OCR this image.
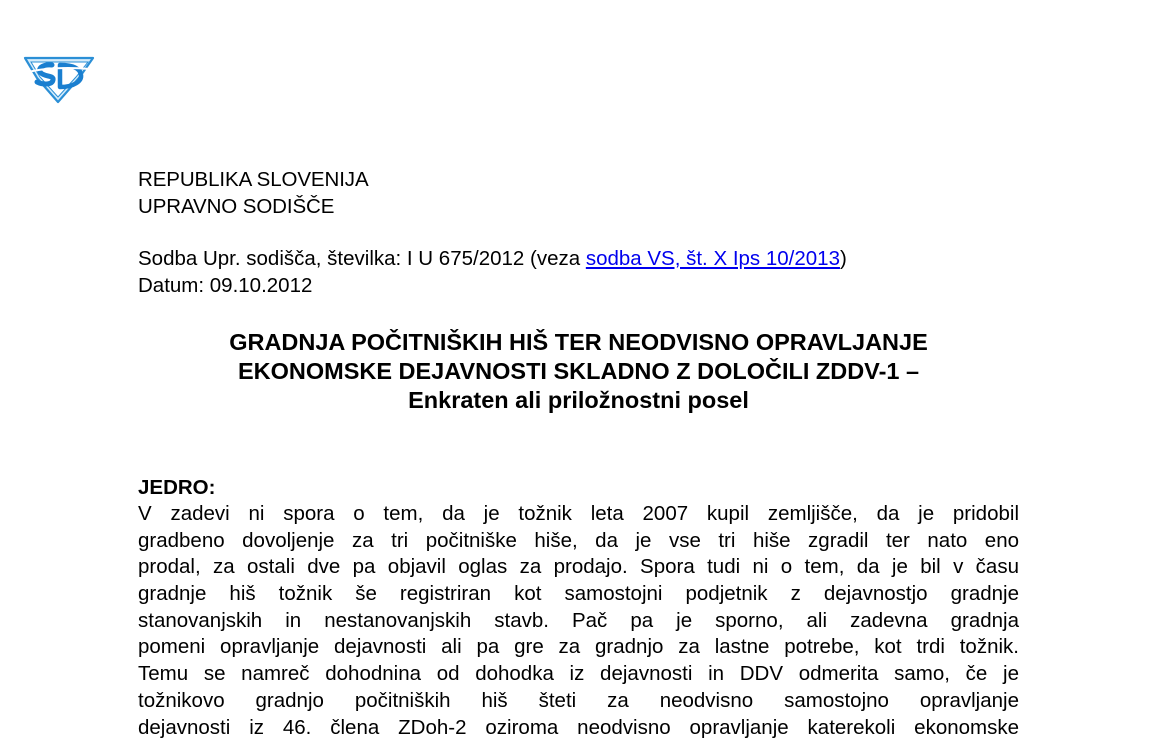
REPUBLIKA SLOVENIJA
UPRAVNO SODIŠČE
Sodba Upr. sodišča, številka: I U 675/2012 (veza sodba VS, št. X Ips 10/2013)
Datum: 09.10.2012
GRADNJA POČITNIŠKIH HIŠ TER NEODVISNO OPRAVLJANJE
EKONOMSKE DEJAVNOSTI SKLADNO Z DOLOČILI ZDDV-1 –
Enkraten ali priložnostni posel
JEDRO:
V zadevi ni spora o tem, da je tožnik leta 2007 kupil zemljišče, da je pridobil
gradbeno dovoljenje za tri počitniške hiše, da je vse tri hiše zgradil ter nato eno
prodal, za ostali dve pa objavil oglas za prodajo. Spora tudi ni o tem, da je bil v času
gradnje hiš tožnik še registriran kot samostojni podjetnik z dejavnostjo gradnje
stanovanjskih in nestanovanjskih stavb. Pač pa je sporno, ali zadevna gradnja
pomeni opravljanje dejavnosti ali pa gre za gradnjo za lastne potrebe, kot trdi tožnik.
Temu se namreč dohodnina od dohodka iz dejavnosti in DDV odmerita samo, če je
tožnikovo gradnjo počitniških hiš šteti za neodvisno samostojno opravljanje
dejavnosti iz 46. člena ZDoh-2 oziroma neodvisno opravljanje katerekoli ekonomske
